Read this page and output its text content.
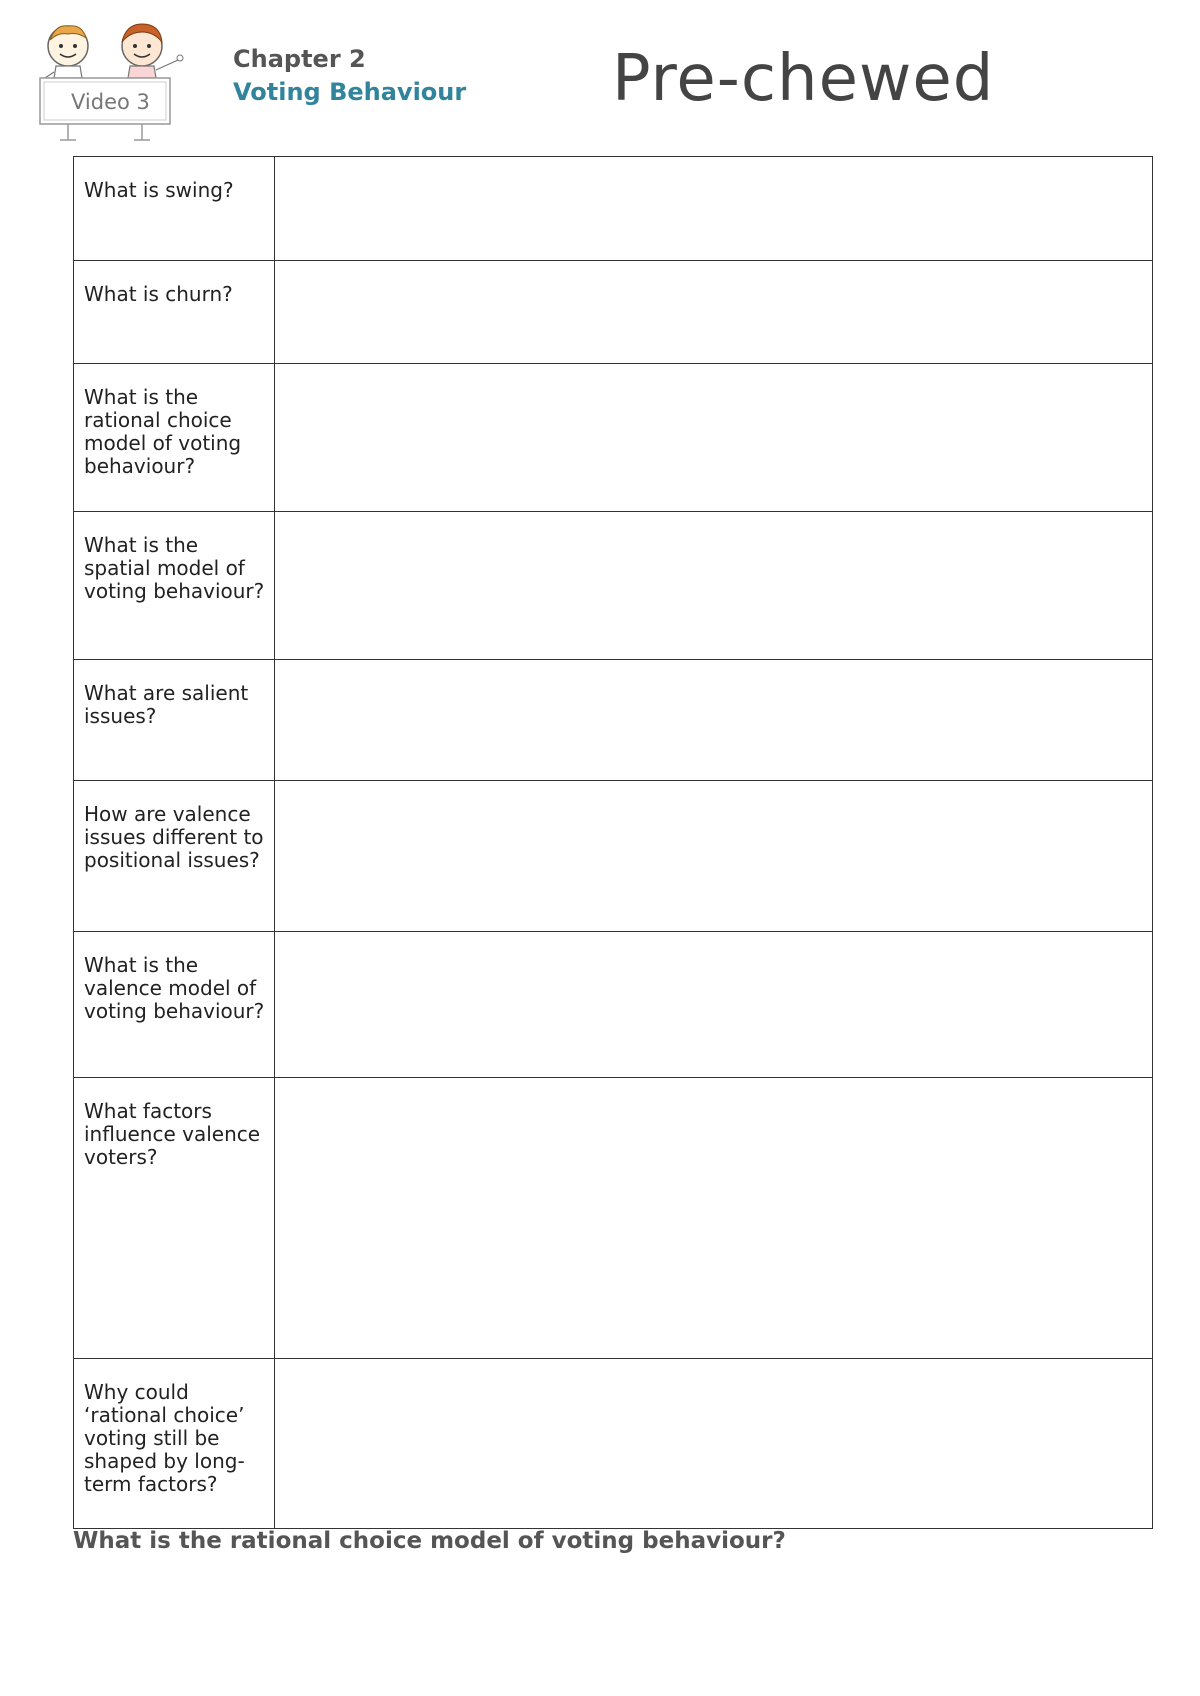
Video 3
Chapter 2
Voting Behaviour Pre-chewed
What is swing?	
What is churn?	
What is the rational choice model of voting behaviour?	
What is the spatial model of voting behaviour?	
What are salient issues?	
How are valence issues different to positional issues?	
What is the valence model of voting behaviour?	
What factors influence valence voters?	
Why could ‘rational choice’ voting still be shaped by long-term factors?	
What is the rational choice model of voting behaviour?
